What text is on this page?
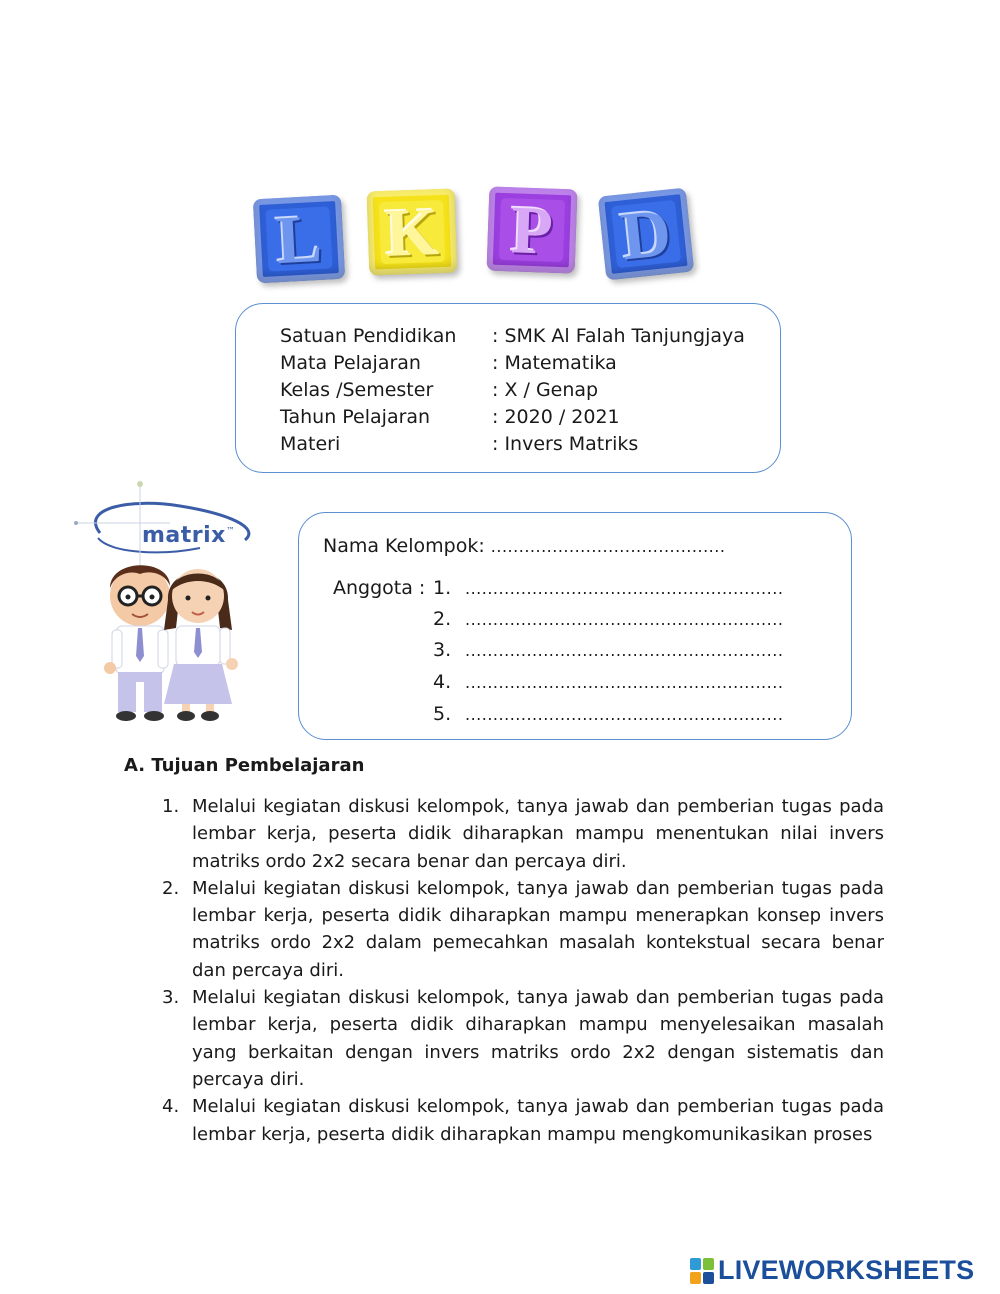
L K P D
Satuan Pendidikan : SMK Al Falah Tanjungjaya
Mata Pelajaran	: Matematika
Kelas /Semester	: X / Genap
Tahun Pelajaran	: 2020 / 2021
Materi	: Invers Matriks
matrix™
Nama Kelompok: ..........................................
Anggota : 1. .........................................................
2. .........................................................
3. .........................................................
4. .........................................................
5. .........................................................
A. Tujuan Pembelajaran
1. Melalui kegiatan diskusi kelompok, tanya jawab dan pemberian tugas pada lembar kerja, peserta didik diharapkan mampu menentukan nilai invers matriks ordo 2x2 secara benar dan percaya diri.
2. Melalui kegiatan diskusi kelompok, tanya jawab dan pemberian tugas pada lembar kerja, peserta didik diharapkan mampu menerapkan konsep invers matriks ordo 2x2 dalam pemecahkan masalah kontekstual secara benar dan percaya diri.
3. Melalui kegiatan diskusi kelompok, tanya jawab dan pemberian tugas pada lembar kerja, peserta didik diharapkan mampu menyelesaikan masalah yang berkaitan dengan invers matriks ordo 2x2 dengan sistematis dan percaya diri.
4. Melalui kegiatan diskusi kelompok, tanya jawab dan pemberian tugas pada lembar kerja, peserta didik diharapkan mampu mengkomunikasikan proses
LIVEWORKSHEETS
